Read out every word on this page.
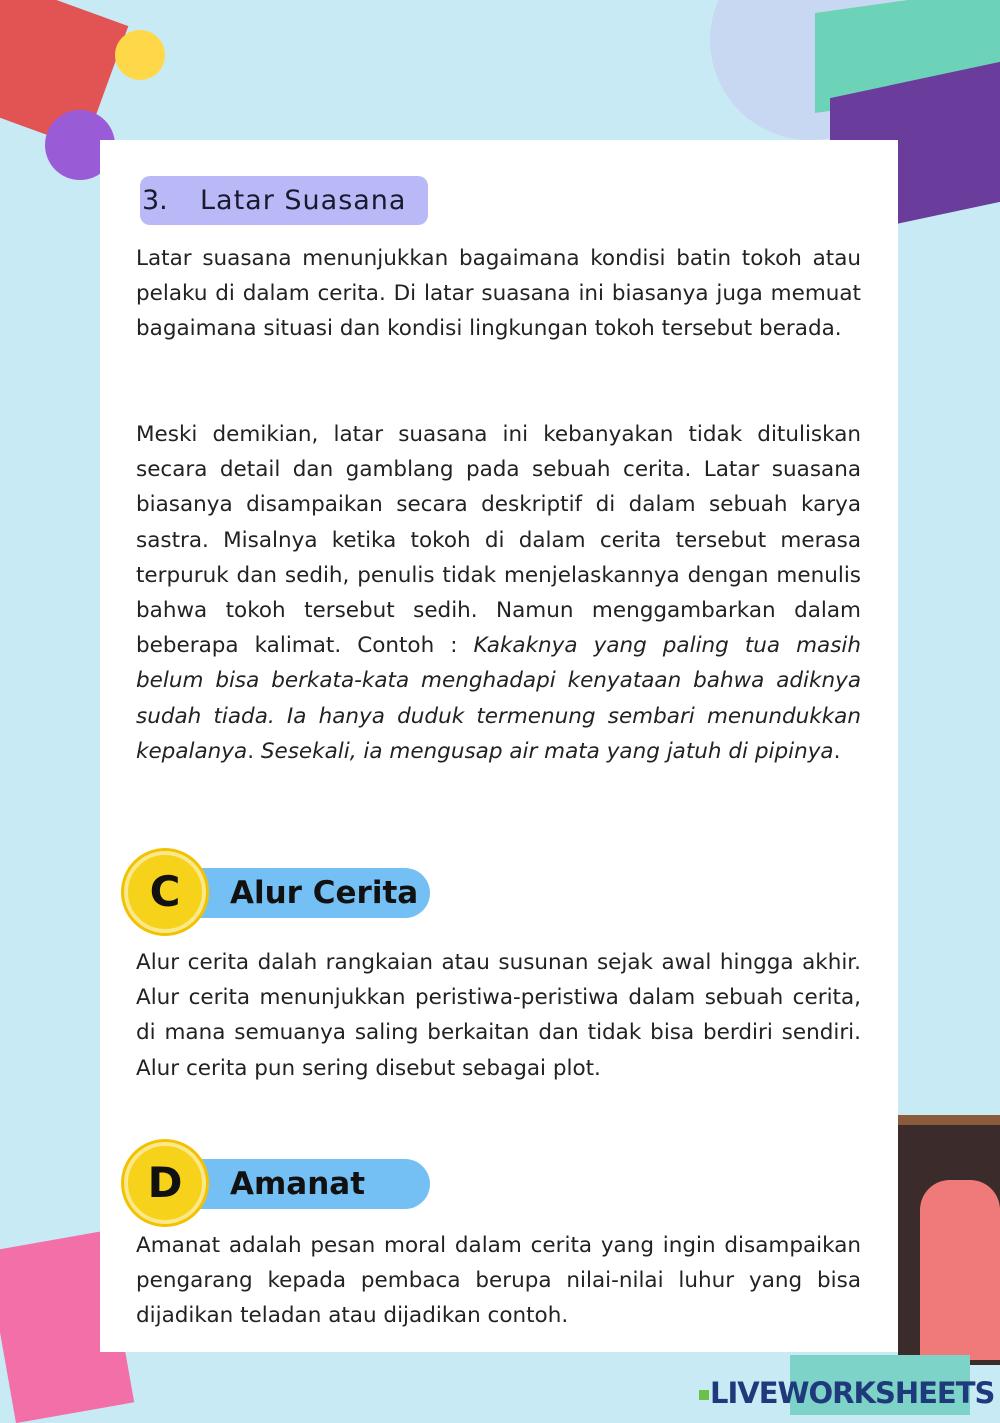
3. Latar Suasana

Latar suasana menunjukkan bagaimana kondisi batin tokoh atau pelaku di dalam cerita. Di latar suasana ini biasanya juga memuat bagaimana situasi dan kondisi lingkungan tokoh tersebut berada.

Meski demikian, latar suasana ini kebanyakan tidak dituliskan secara detail dan gamblang pada sebuah cerita. Latar suasana biasanya disampaikan secara deskriptif di dalam sebuah karya sastra. Misalnya ketika tokoh di dalam cerita tersebut merasa terpuruk dan sedih, penulis tidak menjelaskannya dengan menulis bahwa tokoh tersebut sedih. Namun menggambarkan dalam beberapa kalimat. Contoh : Kakaknya yang paling tua masih belum bisa berkata-kata menghadapi kenyataan bahwa adiknya sudah tiada. Ia hanya duduk termenung sembari menundukkan kepalanya. Sesekali, ia mengusap air mata yang jatuh di pipinya.

Alur Cerita
C

Alur cerita dalah rangkaian atau susunan sejak awal hingga akhir. Alur cerita menunjukkan peristiwa-peristiwa dalam sebuah cerita, di mana semuanya saling berkaitan dan tidak bisa berdiri sendiri. Alur cerita pun sering disebut sebagai plot.

Amanat
D

Amanat adalah pesan moral dalam cerita yang ingin disampaikan pengarang kepada pembaca berupa nilai-nilai luhur yang bisa dijadikan teladan atau dijadikan contoh.

LIVEWORKSHEETS
